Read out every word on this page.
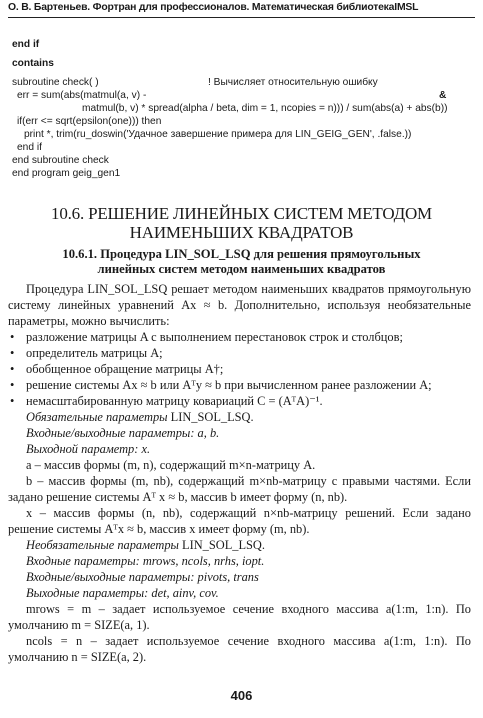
О. В. Бартеньев. Фортран для профессионалов. Математическая библиотекаIMSL
end if
contains
subroutine check( )	! Вычисляет относительную ошибку
err = sum(abs(matmul(a, v) -	&
matmul(b, v) * spread(alpha / beta, dim = 1, ncopies = n))) / sum(abs(a) + abs(b))
if(err <= sqrt(epsilon(one))) then
print *, trim(ru_doswin('Удачное завершение примера для LIN_GEIG_GEN', .false.))
end if
end subroutine check
end program geig_gen1
10.6. РЕШЕНИЕ ЛИНЕЙНЫХ СИСТЕМ МЕТОДОМ
НАИМЕНЬШИХ КВАДРАТОВ
10.6.1. Процедура LIN_SOL_LSQ для решения прямоугольных
линейных систем методом наименьших квадратов

Процедура LIN_SOL_LSQ решает методом наименьших квадратов прямоугольную систему линейных уравнений Ax ≈ b. Дополнительно, используя необязательные параметры, можно вычислить:

• разложение матрицы A с выполнением перестановок строк и столбцов;
• определитель матрицы A;
• обобщенное обращение матрицы A†;
• решение системы Ax ≈ b или Aᵀy ≈ b при вычисленном ранее разложении A;
• немасштабированную матрицу ковариаций C = (AᵀA)⁻¹.
Обязательные параметры LIN_SOL_LSQ.
Входные/выходные параметры: a, b.
Выходной параметр: x.

a – массив формы (m, n), содержащий m×n-матрицу A.

b – массив формы (m, nb), содержащий m×nb-матрицу с правыми частями. Если задано решение системы Aᵀ x ≈ b, массив b имеет форму (n, nb).

x – массив формы (n, nb), содержащий n×nb-матрицу решений. Если задано решение системы Aᵀx ≈ b, массив x имеет форму (m, nb).

Необязательные параметры LIN_SOL_LSQ.
Входные параметры: mrows, ncols, nrhs, iopt.
Входные/выходные параметры: pivots, trans
Выходные параметры: det, ainv, cov.

mrows = m – задает используемое сечение входного массива a(1:m, 1:n). По умолчанию m = SIZE(a, 1).

ncols = n – задает используемое сечение входного массива a(1:m, 1:n). По умолчанию n = SIZE(a, 2).

406
